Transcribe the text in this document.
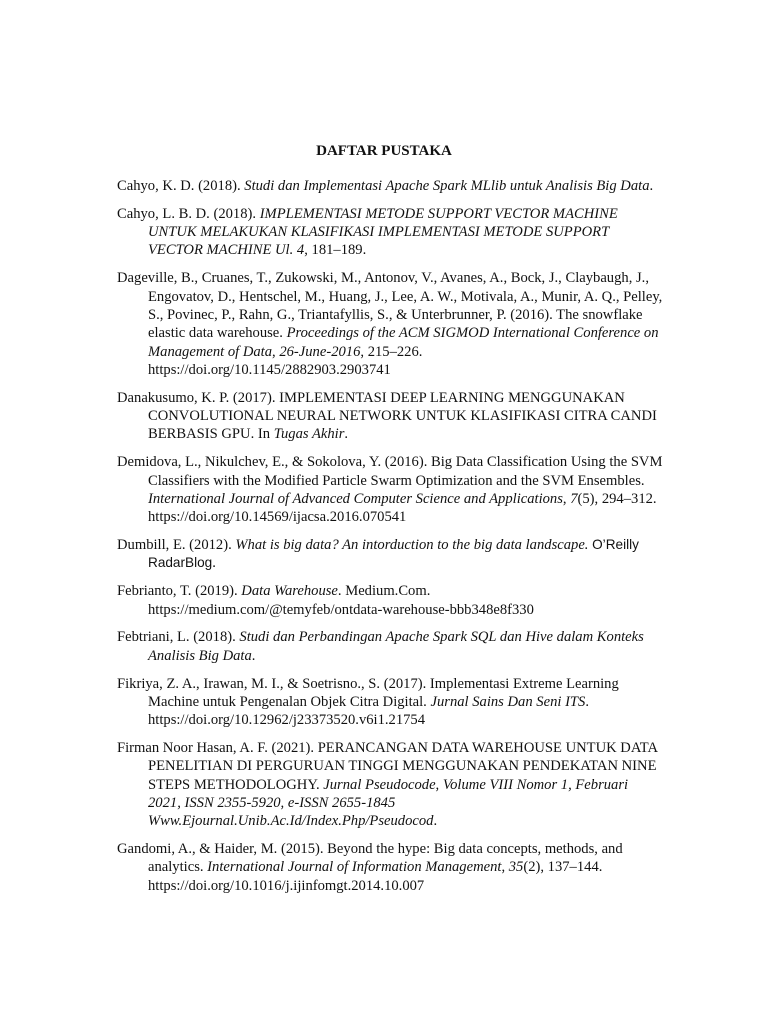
DAFTAR PUSTAKA

Cahyo, K. D. (2018). Studi dan Implementasi Apache Spark MLlib untuk Analisis Big Data.

Cahyo, L. B. D. (2018). IMPLEMENTASI METODE SUPPORT VECTOR MACHINE UNTUK MELAKUKAN KLASIFIKASI IMPLEMENTASI METODE SUPPORT VECTOR MACHINE Ul. 4, 181–189.

Dageville, B., Cruanes, T., Zukowski, M., Antonov, V., Avanes, A., Bock, J., Claybaugh, J., Engovatov, D., Hentschel, M., Huang, J., Lee, A. W., Motivala, A., Munir, A. Q., Pelley, S., Povinec, P., Rahn, G., Triantafyllis, S., & Unterbrunner, P. (2016). The snowflake elastic data warehouse. Proceedings of the ACM SIGMOD International Conference on Management of Data, 26-June-2016, 215–226. https://doi.org/10.1145/2882903.2903741

Danakusumo, K. P. (2017). IMPLEMENTASI DEEP LEARNING MENGGUNAKAN CONVOLUTIONAL NEURAL NETWORK UNTUK KLASIFIKASI CITRA CANDI BERBASIS GPU. In Tugas Akhir.

Demidova, L., Nikulchev, E., & Sokolova, Y. (2016). Big Data Classification Using the SVM Classifiers with the Modified Particle Swarm Optimization and the SVM Ensembles. International Journal of Advanced Computer Science and Applications, 7(5), 294–312. https://doi.org/10.14569/ijacsa.2016.070541

Dumbill, E. (2012). What is big data? An intorduction to the big data landscape. O’Reilly RadarBlog.

Febrianto, T. (2019). Data Warehouse. Medium.Com. https://medium.com/@temyfeb/ontdata-warehouse-bbb348e8f330

Febtriani, L. (2018). Studi dan Perbandingan Apache Spark SQL dan Hive dalam Konteks Analisis Big Data.

Fikriya, Z. A., Irawan, M. I., & Soetrisno., S. (2017). Implementasi Extreme Learning Machine untuk Pengenalan Objek Citra Digital. Jurnal Sains Dan Seni ITS. https://doi.org/10.12962/j23373520.v6i1.21754

Firman Noor Hasan, A. F. (2021). PERANCANGAN DATA WAREHOUSE UNTUK DATA PENELITIAN DI PERGURUAN TINGGI MENGGUNAKAN PENDEKATAN NINE STEPS METHODOLOGHY. Jurnal Pseudocode, Volume VIII Nomor 1, Februari 2021, ISSN 2355-5920, e-ISSN 2655-1845 Www.Ejournal.Unib.Ac.Id/Index.Php/Pseudocod.

Gandomi, A., & Haider, M. (2015). Beyond the hype: Big data concepts, methods, and analytics. International Journal of Information Management, 35(2), 137–144. https://doi.org/10.1016/j.ijinfomgt.2014.10.007
